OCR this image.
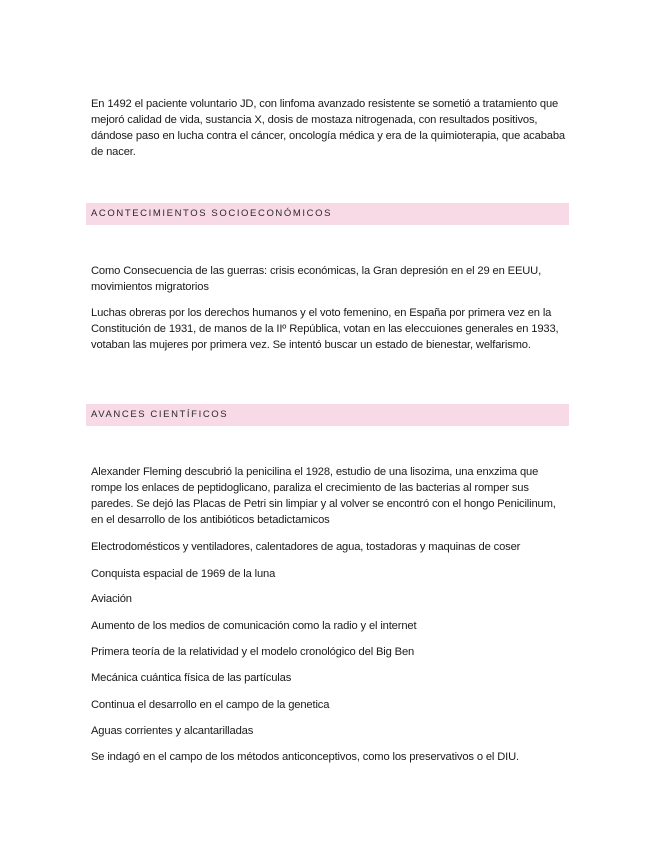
En 1492 el paciente voluntario JD, con linfoma avanzado resistente se sometió a tratamiento que mejoró calidad de vida, sustancia X, dosis de mostaza nitrogenada, con resultados positivos, dándose paso en lucha contra el cáncer, oncología médica y era de la quimioterapia, que acababa de nacer.

ACONTECIMIENTOS SOCIOECONÓMICOS

Como Consecuencia de las guerras: crisis económicas, la Gran depresión en el 29 en EEUU, movimientos migratorios

Luchas obreras por los derechos humanos y el voto femenino, en España por primera vez en la Constitución de 1931, de manos de la IIº República, votan en las eleccuiones generales en 1933, votaban las mujeres por primera vez. Se intentó buscar un estado de bienestar, welfarismo.

AVANCES CIENTÍFICOS

Alexander Fleming descubrió la penicilina el 1928, estudio de una lisozima, una enxzima que rompe los enlaces de peptidoglicano, paraliza el crecimiento de las bacterias al romper sus paredes. Se dejó las Placas de Petri sin limpiar y al volver se encontró con el hongo Penicilinum, en el desarrollo de los antibióticos betadictamicos

Electrodomésticos y ventiladores, calentadores de agua, tostadoras y maquinas de coser
Conquista espacial de 1969 de la luna
Aviación
Aumento de los medios de comunicación como la radio y el internet
Primera teoría de la relatividad y el modelo cronológico del Big Ben
Mecánica cuántica física de las partículas
Continua el desarrollo en el campo de la genetica
Aguas corrientes y alcantarilladas
Se indagó en el campo de los métodos anticonceptivos, como los preservativos o el DIU.
